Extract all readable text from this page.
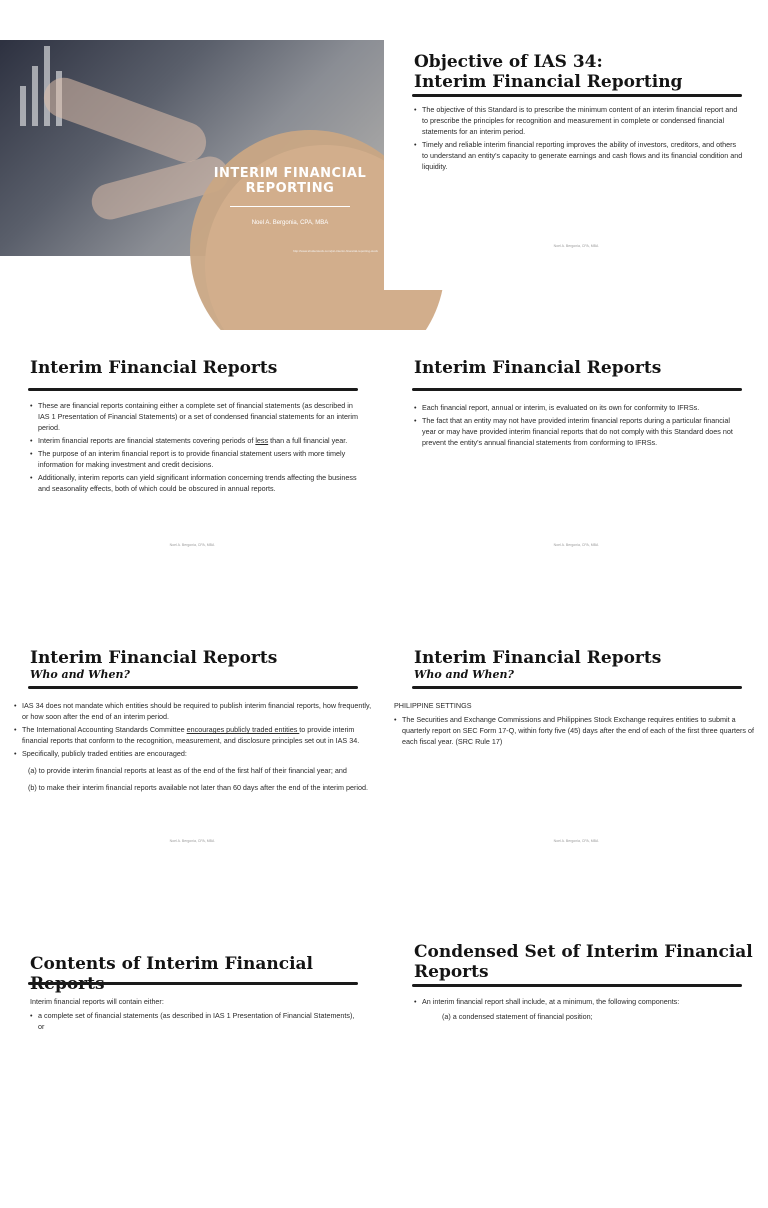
INTERIM FINANCIAL
REPORTING
Noel A. Bergonia, CPA, MBA
http://www.shutterstock.com/pic-interim-financial-reporting-stock
Objective of IAS 34:
Interim Financial Reporting
• The objective of this Standard is to prescribe the minimum content of an interim financial report and to prescribe the principles for recognition and measurement in complete or condensed financial statements for an interim period.
• Timely and reliable interim financial reporting improves the ability of investors, creditors, and others to understand an entity's capacity to generate earnings and cash flows and its financial condition and liquidity.
Noel A. Bergonia, CPA, MBA
Interim Financial Reports
• These are financial reports containing either a complete set of financial statements (as described in IAS 1 Presentation of Financial Statements) or a set of condensed financial statements for an interim period.
• Interim financial reports are financial statements covering periods of less than a full financial year.
• The purpose of an interim financial report is to provide financial statement users with more timely information for making investment and credit decisions.
• Additionally, interim reports can yield significant information concerning trends affecting the business and seasonality effects, both of which could be obscured in annual reports.
Noel A. Bergonia, CPA, MBA
Interim Financial Reports
• Each financial report, annual or interim, is evaluated on its own for conformity to IFRSs.
• The fact that an entity may not have provided interim financial reports during a particular financial year or may have provided interim financial reports that do not comply with this Standard does not prevent the entity's annual financial statements from conforming to IFRSs.
Noel A. Bergonia, CPA, MBA
Interim Financial Reports
Who and When?
• IAS 34 does not mandate which entities should be required to publish interim financial reports, how frequently, or how soon after the end of an interim period.
• The International Accounting Standards Committee encourages publicly traded entities to provide interim financial reports that conform to the recognition, measurement, and disclosure principles set out in IAS 34.
• Specifically, publicly traded entities are encouraged:
(a) to provide interim financial reports at least as of the end of the first half of their financial year; and
(b) to make their interim financial reports available not later than 60 days after the end of the interim period.
Noel A. Bergonia, CPA, MBA
Interim Financial Reports
Who and When?
PHILIPPINE SETTINGS
• The Securities and Exchange Commissions and Philippines Stock Exchange requires entities to submit a quarterly report on SEC Form 17-Q, within forty five (45) days after the end of each of the first three quarters of each fiscal year. (SRC Rule 17)
Noel A. Bergonia, CPA, MBA
Contents of Interim Financial
Interim financial reports will contain either:
• a complete set of financial statements (as described in IAS 1 Presentation of Financial Statements), or
Condensed Set of Interim Financial
Reports
• An interim financial report shall include, at a minimum, the following components:
(a) a condensed statement of financial position;
